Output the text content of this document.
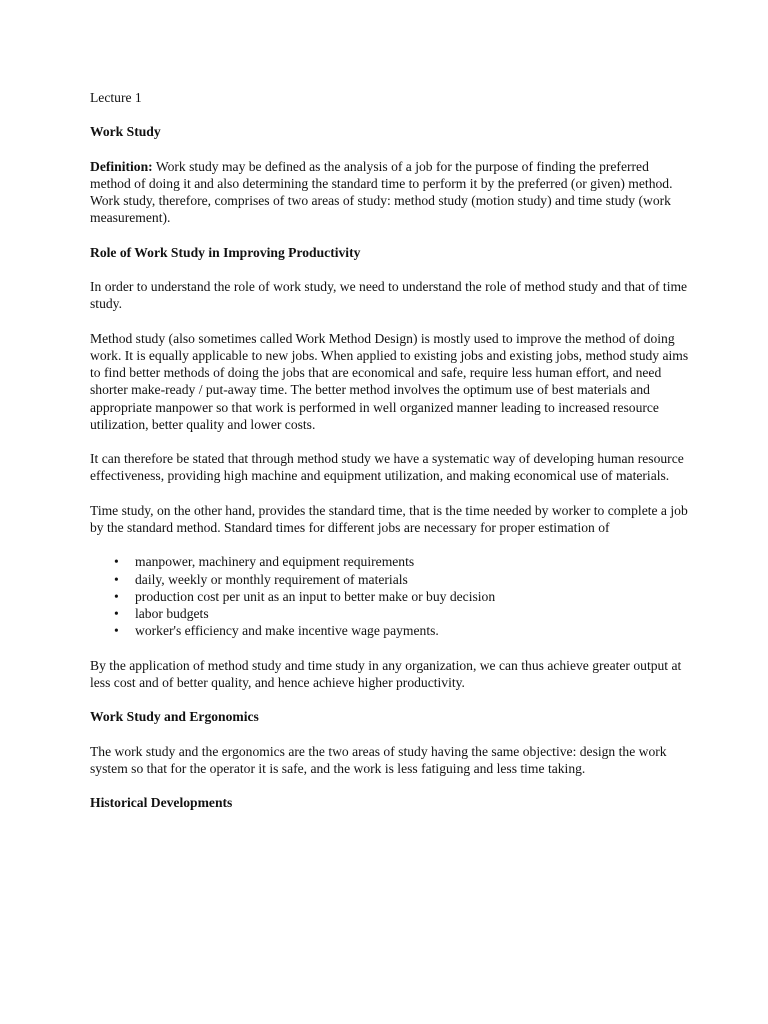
Lecture 1

Work Study

Definition: Work study may be defined as the analysis of a job for the purpose of finding the preferred method of doing it and also determining the standard time to perform it by the preferred (or given) method. Work study, therefore, comprises of two areas of study: method study (motion study) and time study (work measurement).

Role of Work Study in Improving Productivity

In order to understand the role of work study, we need to understand the role of method study and that of time study.

Method study (also sometimes called Work Method Design) is mostly used to improve the method of doing work. It is equally applicable to new jobs. When applied to existing jobs and existing jobs, method study aims to find better methods of doing the jobs that are economical and safe, require less human effort, and need shorter make-ready / put-away time. The better method involves the optimum use of best materials and appropriate manpower so that work is performed in well organized manner leading to increased resource utilization, better quality and lower costs.

It can therefore be stated that through method study we have a systematic way of developing human resource effectiveness, providing high machine and equipment utilization, and making economical use of materials.

Time study, on the other hand, provides the standard time, that is the time needed by worker to complete a job by the standard method. Standard times for different jobs are necessary for proper estimation of

• manpower, machinery and equipment requirements
• daily, weekly or monthly requirement of materials
• production cost per unit as an input to better make or buy decision
• labor budgets
• worker's efficiency and make incentive wage payments.

By the application of method study and time study in any organization, we can thus achieve greater output at less cost and of better quality, and hence achieve higher productivity.

Work Study and Ergonomics

The work study and the ergonomics are the two areas of study having the same objective: design the work system so that for the operator it is safe, and the work is less fatiguing and less time taking.

Historical Developments
